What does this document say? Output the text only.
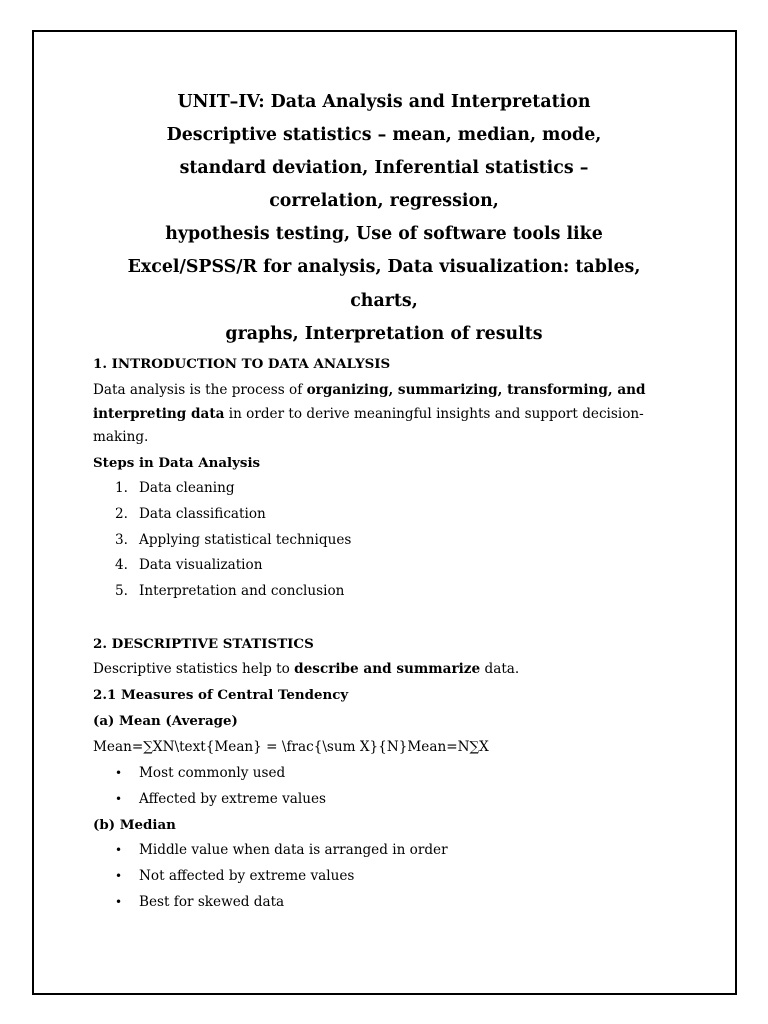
UNIT–IV: Data Analysis and Interpretation
Descriptive statistics – mean, median, mode,
standard deviation, Inferential statistics –
correlation, regression,
hypothesis testing, Use of software tools like
Excel/SPSS/R for analysis, Data visualization: tables,
charts,
graphs, Interpretation of results
1. INTRODUCTION TO DATA ANALYSIS
Data analysis is the process of organizing, summarizing, transforming, and
interpreting data in order to derive meaningful insights and support decision-
making.
Steps in Data Analysis
1. Data cleaning
2. Data classification
3. Applying statistical techniques
4. Data visualization
5. Interpretation and conclusion
2. DESCRIPTIVE STATISTICS
Descriptive statistics help to describe and summarize data.
2.1 Measures of Central Tendency
(a) Mean (Average)
Mean=∑XN\text{Mean} = \frac{\sum X}{N}Mean=N∑X
• Most commonly used
• Affected by extreme values
(b) Median
• Middle value when data is arranged in order
• Not affected by extreme values
• Best for skewed data
